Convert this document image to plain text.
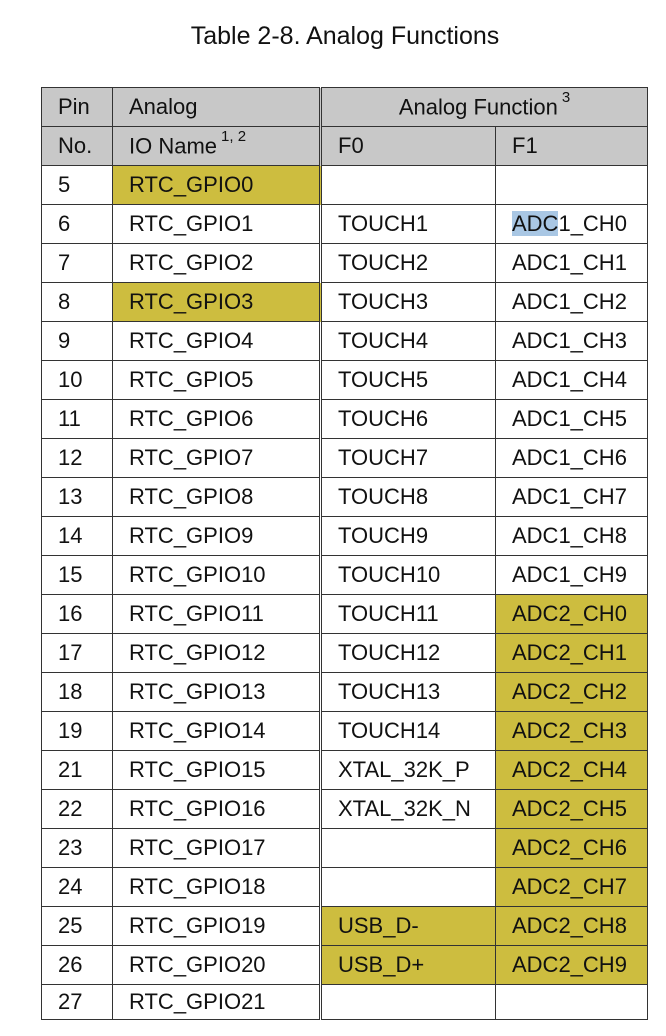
Table 2-8. Analog Functions
Pin	Analog	Analog Function $^3$
No.	IO Name $^{1, 2}$	F0	F1
5	RTC_GPIO0		
6	RTC_GPIO1	TOUCH1	ADC1_CH0
7	RTC_GPIO2	TOUCH2	ADC1_CH1
8	RTC_GPIO3	TOUCH3	ADC1_CH2
9	RTC_GPIO4	TOUCH4	ADC1_CH3
10	RTC_GPIO5	TOUCH5	ADC1_CH4
11	RTC_GPIO6	TOUCH6	ADC1_CH5
12	RTC_GPIO7	TOUCH7	ADC1_CH6
13	RTC_GPIO8	TOUCH8	ADC1_CH7
14	RTC_GPIO9	TOUCH9	ADC1_CH8
15	RTC_GPIO10	TOUCH10	ADC1_CH9
16	RTC_GPIO11	TOUCH11	ADC2_CH0
17	RTC_GPIO12	TOUCH12	ADC2_CH1
18	RTC_GPIO13	TOUCH13	ADC2_CH2
19	RTC_GPIO14	TOUCH14	ADC2_CH3
21	RTC_GPIO15	XTAL_32K_P	ADC2_CH4
22	RTC_GPIO16	XTAL_32K_N	ADC2_CH5
23	RTC_GPIO17		ADC2_CH6
24	RTC_GPIO18		ADC2_CH7
25	RTC_GPIO19	USB_D-	ADC2_CH8
26	RTC_GPIO20	USB_D+	ADC2_CH9
27	RTC_GPIO21		
